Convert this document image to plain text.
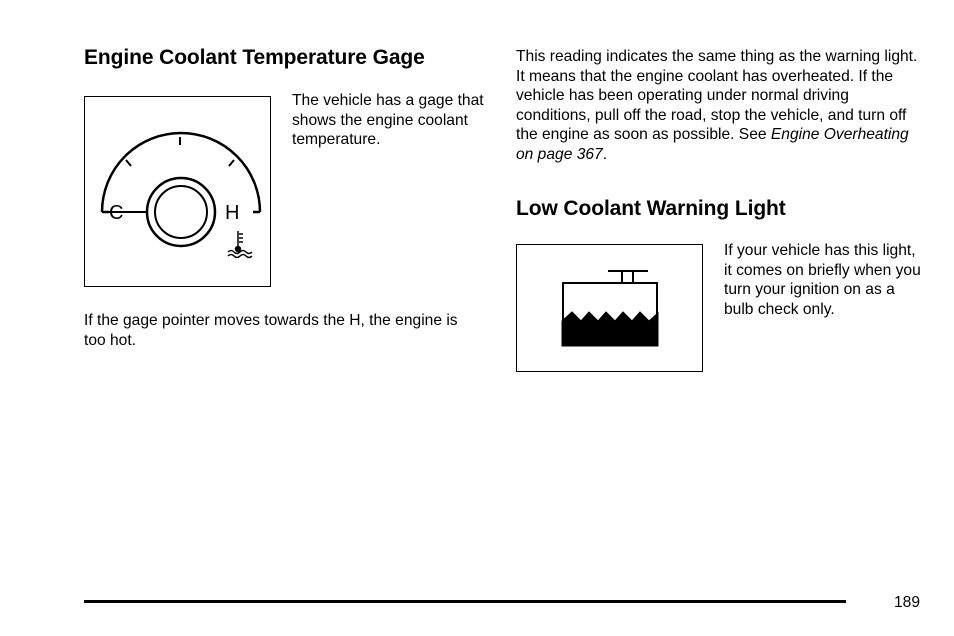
Engine Coolant Temperature Gage
C	H

The vehicle has a gage that shows the engine coolant temperature.

If the gage pointer moves towards the H, the engine is too hot.

This reading indicates the same thing as the warning light. It means that the engine coolant has overheated. If the vehicle has been operating under normal driving conditions, pull off the road, stop the vehicle, and turn off the engine as soon as possible. See Engine Overheating on page 367.

Low Coolant Warning Light

If your vehicle has this light, it comes on briefly when you turn your ignition on as a bulb check only.

189
